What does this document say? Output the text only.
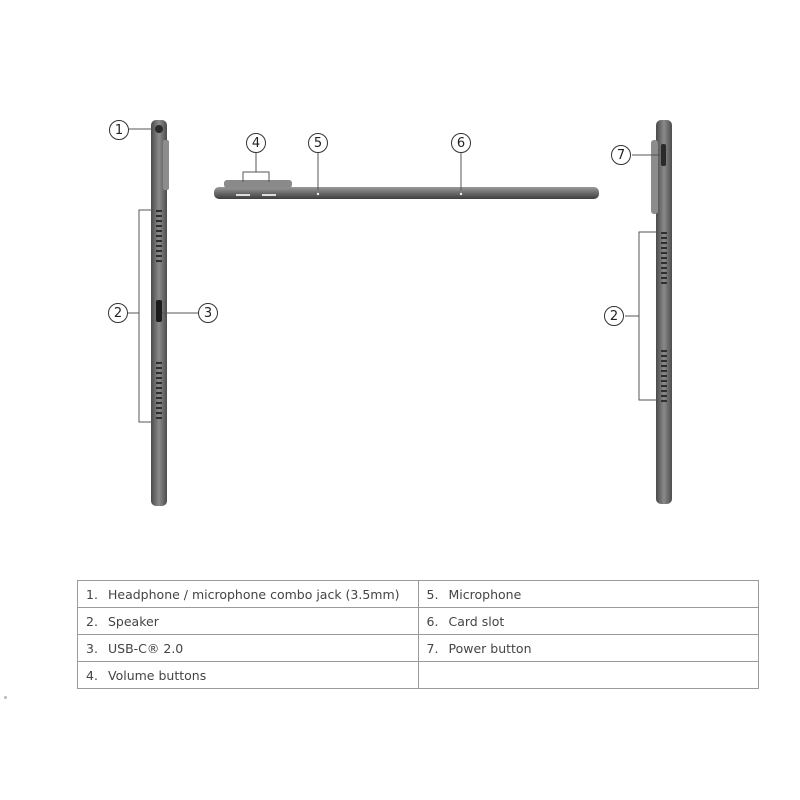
1
2	3
4	5	6
7
2
1. Headphone / microphone combo jack (3.5mm)	5. Microphone
2. Speaker	6. Card slot
3. USB-C® 2.0	7. Power button
4. Volume buttons	
